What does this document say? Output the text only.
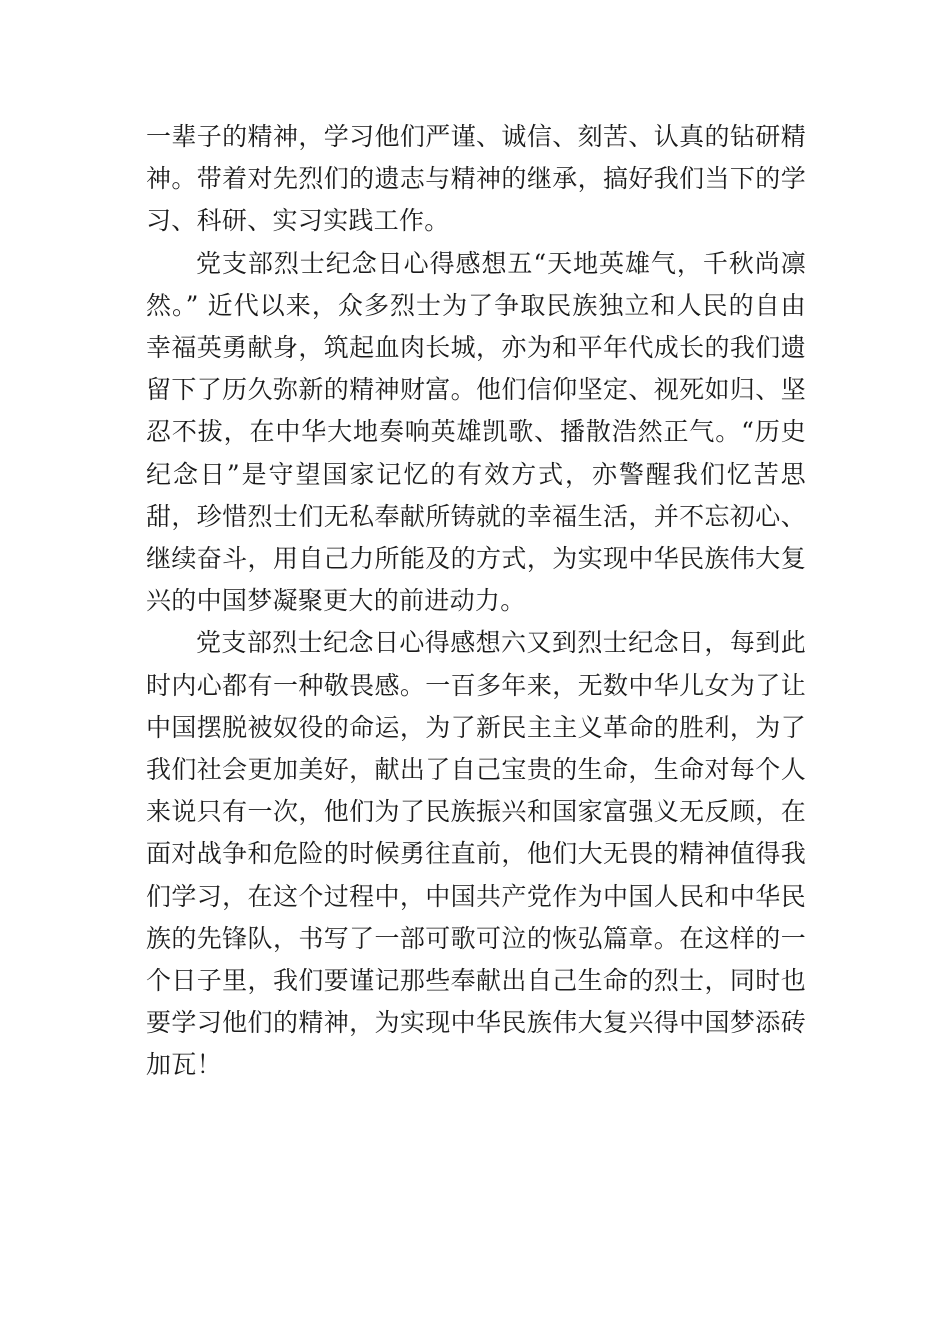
一辈子的精神，学习他们严谨、诚信、刻苦、认真的钻研精神。带着对先烈们的遗志与精神的继承，搞好我们当下的学习、科研、实习实践工作。

党支部烈士纪念日心得感想五“天地英雄气，千秋尚凛然。” 近代以来，众多烈士为了争取民族独立和人民的自由幸福英勇献身，筑起血肉长城，亦为和平年代成长的我们遗留下了历久弥新的精神财富。他们信仰坚定、视死如归、坚忍不拔，在中华大地奏响英雄凯歌、播散浩然正气。“历史纪念日”是守望国家记忆的有效方式，亦警醒我们忆苦思甜，珍惜烈士们无私奉献所铸就的幸福生活，并不忘初心、继续奋斗，用自己力所能及的方式，为实现中华民族伟大复兴的中国梦凝聚更大的前进动力。

党支部烈士纪念日心得感想六又到烈士纪念日，每到此时内心都有一种敬畏感。一百多年来，无数中华儿女为了让中国摆脱被奴役的命运，为了新民主主义革命的胜利，为了我们社会更加美好，献出了自己宝贵的生命，生命对每个人来说只有一次，他们为了民族振兴和国家富强义无反顾，在面对战争和危险的时候勇往直前，他们大无畏的精神值得我们学习，在这个过程中，中国共产党作为中国人民和中华民族的先锋队，书写了一部可歌可泣的恢弘篇章。在这样的一个日子里，我们要谨记那些奉献出自己生命的烈士，同时也要学习他们的精神，为实现中华民族伟大复兴得中国梦添砖加瓦！
